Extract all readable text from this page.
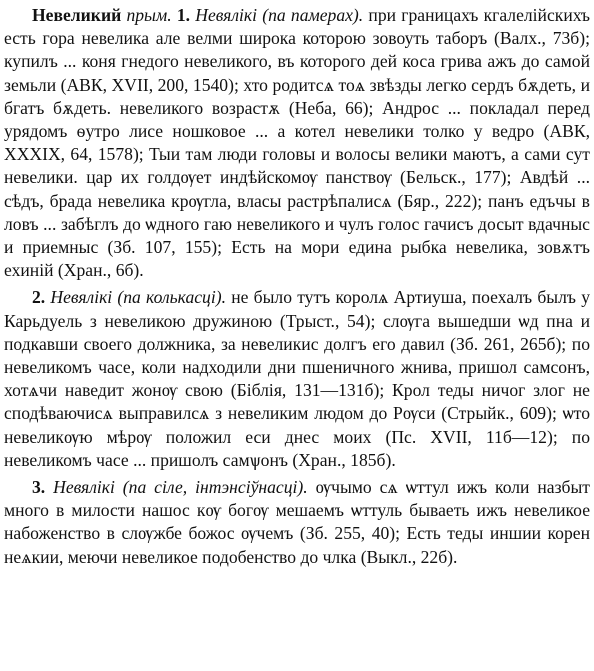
Невеликий прым. 1. Невялікі (па памерах). при границахъ кгалелійскихъ есть гора невелика але велми широка которою зовоуть таборъ (Валх., 73б); купилъ ... коня гнедого невеликого, въ которого дей коса грива ажъ до самой земьли (АВК, XVII, 200, 1540); хто родитсѧ тоѧ звѣзды легко сердъ бѫдеть, и бгатъ бѫдеть. невеликого возрастѫ (Неба, 66); Андрос ... покладал перед урядомъ ѳутро лисе ношковое ... а котел невелики толко у ведро (АВК, XXXIX, 64, 1578); Тыи там люди головы и волосы велики маютъ, а сами сут невелики. цар их голдѹет индѣйскомѹ панствѹ (Бельск., 177); Авдѣй ... сѣдъ, брада невелика крѹгла, власы растрѣпалисѧ (Бяр., 222); панъ едъчы в ловъ ... забѣглъ до ѡдного гаю невеликого и чулъ голос гачисъ досыт вдачныс и приемныс (Зб. 107, 155); Есть на мори едина рыбка невелика, зовѫтъ ехиній (Хран., 6б).

2. Невялікі (па колькасці). не было тутъ королѧ Артиуша, поехалъ былъ у Карьдуель з невеликою дружиною (Трыст., 54); слѹга вышедши ѡд пна и подкавши своего должника, за невеликис долгъ его давил (Зб. 261, 265б); по невеликомъ часе, коли надходили дни пшеничного жнива, пришол самсонъ, хотѧчи наведит жонѹ свою (Біблія, 131—131б); Крол теды ничог злог не сподѣваючисѧ выправилсѧ з невеликим людом до Рѹси (Стрыйк., 609); ѡто невеликѹю мѣрѹ положил еси днес моих (Пс. XVII, 11б—12); по невеликомъ часе ... пришолъ самѱонъ (Хран., 185б).

3. Невялікі (па сіле, інтэнсіўнасці). ѹчымо сѧ ѡттул ижъ коли назбыт много в милости нашос кѹ богѹ мешаемъ ѡттуль бываеть ижъ невеликое набоженство в слѹжбе божос ѹчемъ (Зб. 255, 40); Есть теды иншии корен неѧкии, меючи невеликое подобенство до члка (Выкл., 22б).
